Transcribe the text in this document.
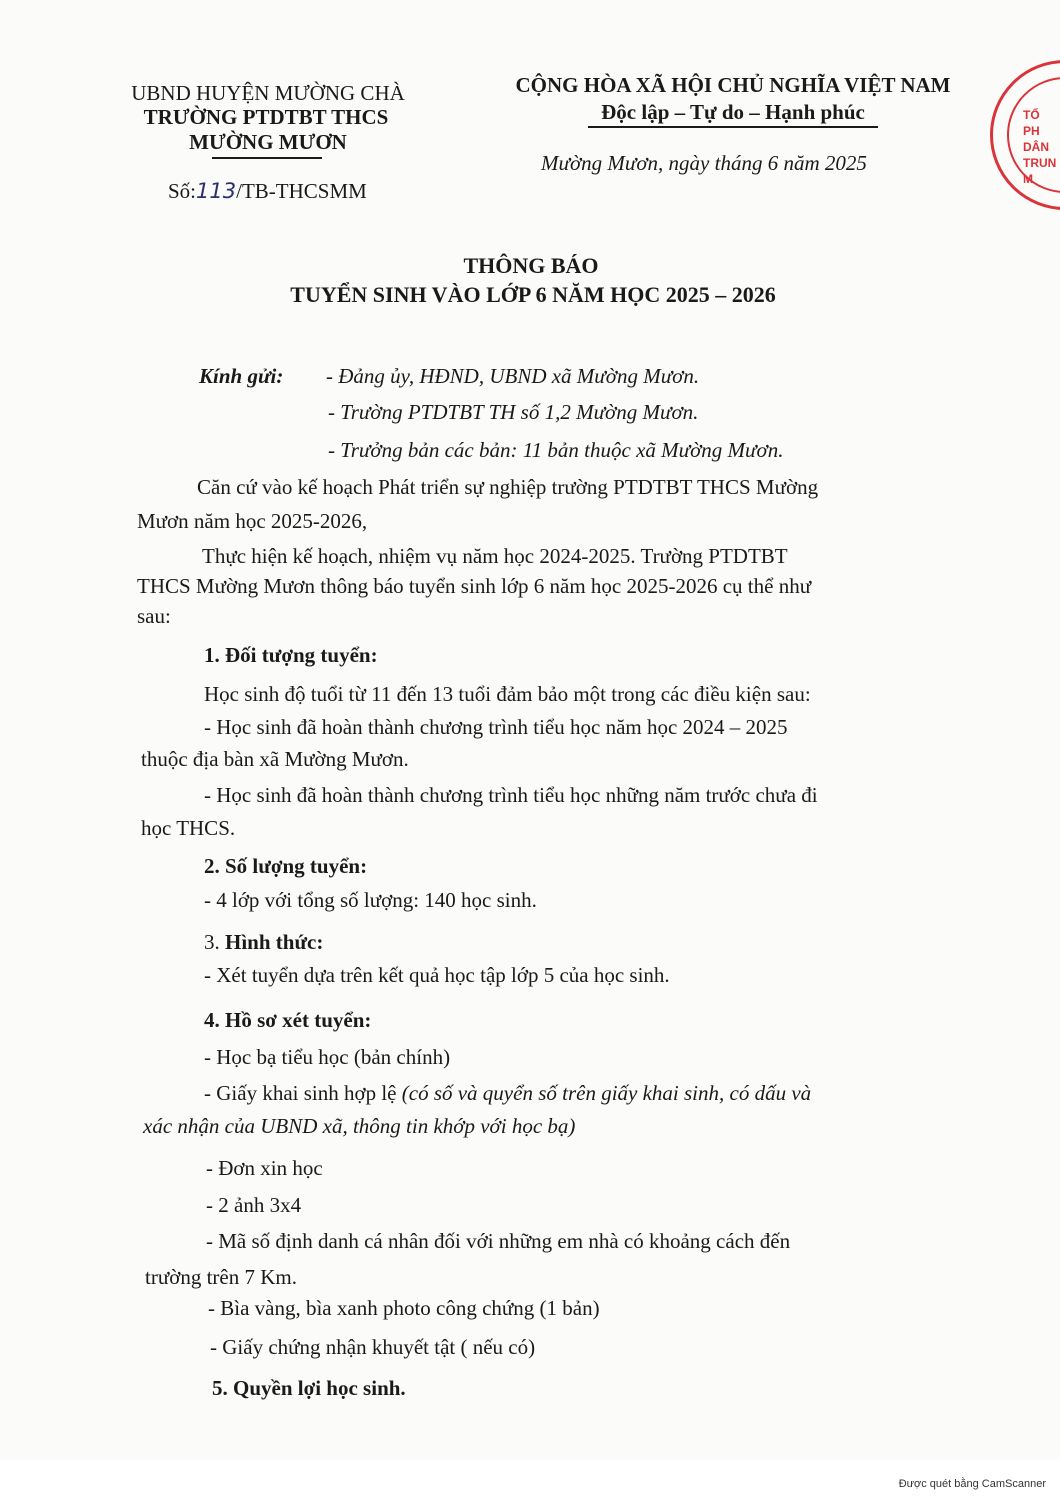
UBND HUYỆN MƯỜNG CHÀ
TRƯỜNG PTDTBT THCS
MƯỜNG MƯƠN
Số:113/TB-THCSMM
CỘNG HÒA XÃ HỘI CHỦ NGHĨA VIỆT NAM
Độc lập – Tự do – Hạnh phúc
Mường Mươn, ngày tháng 6 năm 2025
TỔ
PH
DÂN
TRUN
M
THÔNG BÁO
TUYỂN SINH VÀO LỚP 6 NĂM HỌC 2025 – 2026
Kính gửi: - Đảng ủy, HĐND, UBND xã Mường Mươn.
- Trường PTDTBT TH số 1,2 Mường Mươn.
- Trưởng bản các bản: 11 bản thuộc xã Mường Mươn.
Căn cứ vào kế hoạch Phát triển sự nghiệp trường PTDTBT THCS Mường
Mươn năm học 2025-2026,
Thực hiện kế hoạch, nhiệm vụ năm học 2024-2025. Trường PTDTBT
THCS Mường Mươn thông báo tuyển sinh lớp 6 năm học 2025-2026 cụ thể như
sau:
1. Đối tượng tuyển:
Học sinh độ tuổi từ 11 đến 13 tuổi đảm bảo một trong các điều kiện sau:
- Học sinh đã hoàn thành chương trình tiểu học năm học 2024 – 2025
thuộc địa bàn xã Mường Mươn.
- Học sinh đã hoàn thành chương trình tiểu học những năm trước chưa đi
học THCS.
2. Số lượng tuyển:
- 4 lớp với tổng số lượng: 140 học sinh.
3. Hình thức:
- Xét tuyển dựa trên kết quả học tập lớp 5 của học sinh.
4. Hồ sơ xét tuyển:
- Học bạ tiểu học (bản chính)
- Giấy khai sinh hợp lệ (có số và quyển số trên giấy khai sinh, có dấu và
xác nhận của UBND xã, thông tin khớp với học bạ)
- Đơn xin học
- 2 ảnh 3x4
- Mã số định danh cá nhân đối với những em nhà có khoảng cách đến
trường trên 7 Km.
- Bìa vàng, bìa xanh photo công chứng (1 bản)
- Giấy chứng nhận khuyết tật ( nếu có)
5. Quyền lợi học sinh.
Được quét bằng CamScanner
